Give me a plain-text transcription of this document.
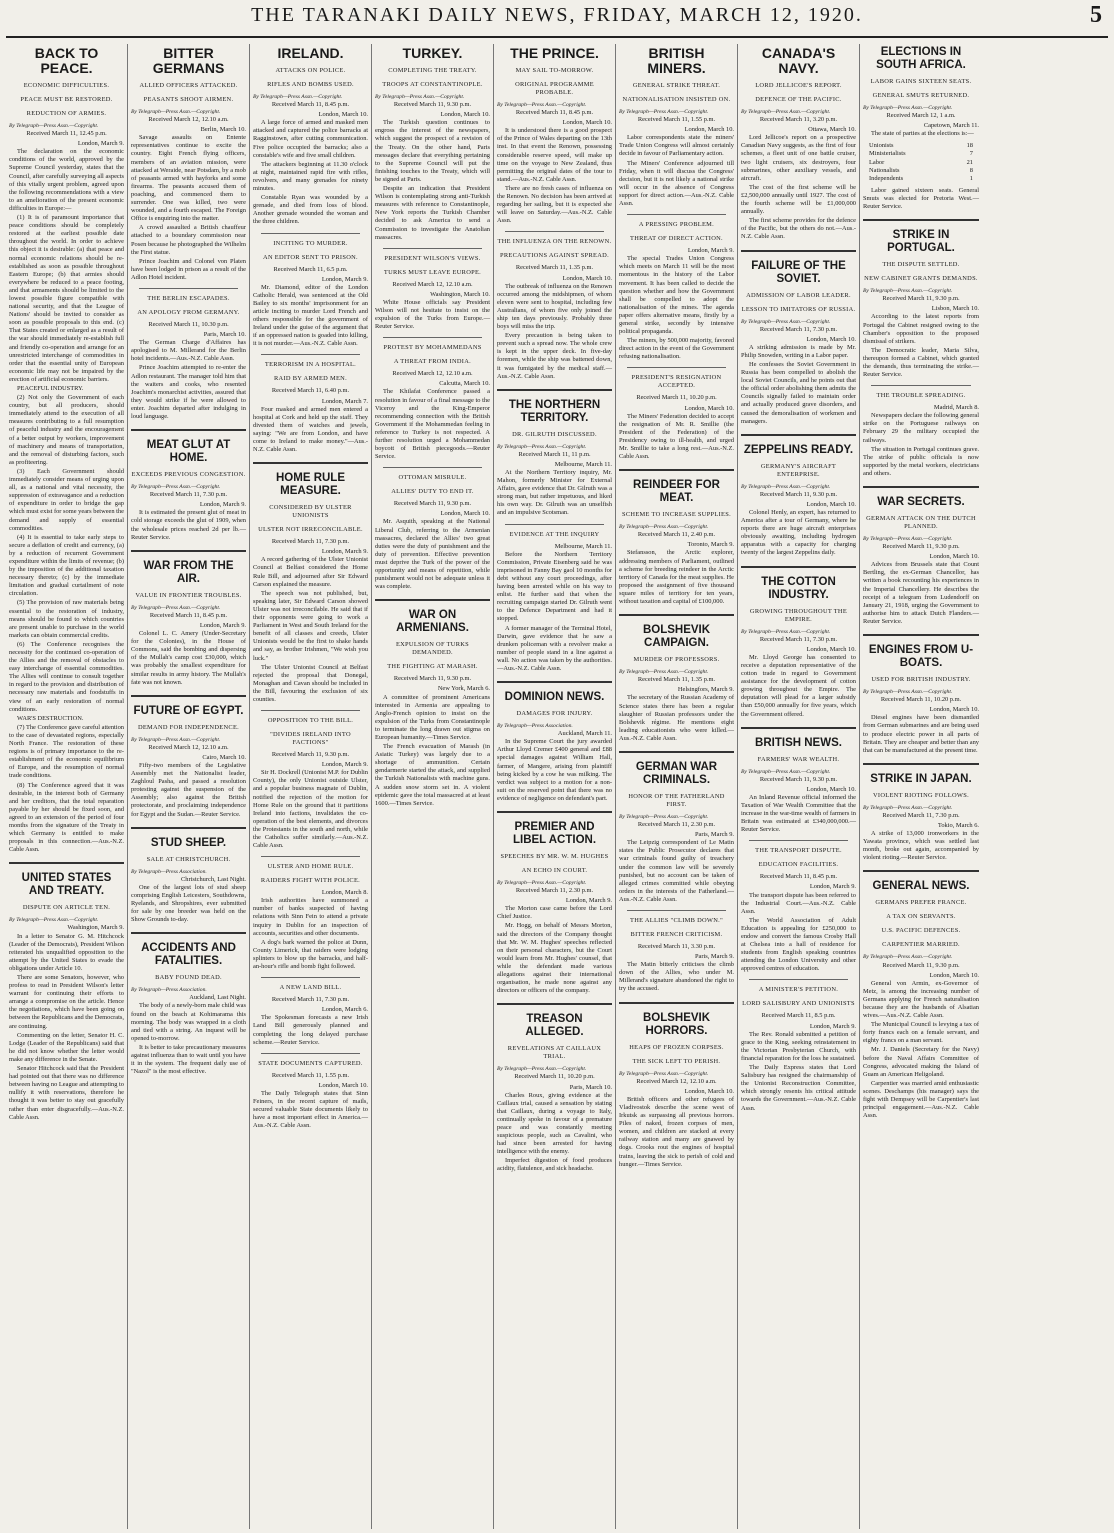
THE TARANAKI DAILY NEWS, FRIDAY, MARCH 12, 1920.	5
BACK TO PEACE.
ECONOMIC DIFFICULTIES.
PEACE MUST BE RESTORED.
REDUCTION OF ARMIES.
By Telegraph—Press Assn.—Copyright.
Received March 11, 12.45 p.m.
London, March 9.

The declaration on the economic conditions of the world, approved by the Supreme Council yesterday, states that the Council, after carefully surveying all aspects of this vitally urgent problem, agreed upon the following recommendations with a view to an amelioration of the present economic difficulties in Europe:—

(1) It is of paramount importance that peace conditions should be completely restored at the earliest possible date throughout the world. In order to achieve this object it is desirable: (a) that peace and normal economic relations should be re-established as soon as possible throughout Eastern Europe; (b) that armies should everywhere be reduced to a peace footing, and that armaments should be limited to the lowest possible figure compatible with national security, and that the League of Nations' should be invited to consider as soon as possible proposals to this end. (c) That States created or enlarged as a result of the war should immediately re-establish full and friendly co-operation and arrange for an unrestricted interchange of commodities in order that the essential unity of European economic life may not be impaired by the erection of artificial economic barriers.

PEACEFUL INDUSTRY.

(2) Not only the Government of each country, but all producers, should immediately attend to the execution of all measures contributing to a full resumption of peaceful industry and the encouragement of a better output by workers, improvement of machinery and means of transportation, and the removal of disturbing factors, such as profiteering.

(3) Each Government should immediately consider means of urging upon all, as a national and vital necessity, the suppression of extravagance and a reduction of expenditure in order to bridge the gap which must exist for some years between the demand and supply of essential commodities.

(4) It is essential to take early steps to secure a deflation of credit and currency, (a) by a reduction of recurrent Government expenditure within the limits of revenue; (b) by the imposition of the additional taxation necessary thereto; (c) by the immediate limitation and gradual curtailment of note circulation.

(5) The provision of raw materials being essential to the restoration of industry, means should be found to which countries are present unable to purchase in the world markets can obtain commercial credits.

(6) The Conference recognises the necessity for the continued co-operation of the Allies and the removal of obstacles to easy interchange of essential commodities. The Allies will continue to consult together in regard to the provision and distribution of necessary raw materials and foodstuffs in view of an early restoration of normal conditions.

WAR'S DESTRUCTION.

(7) The Conference gave careful attention to the case of devastated regions, especially North France. The restoration of these regions is of primary importance to the re-establishment of the economic equilibrium of Europe, and the resumption of normal trade conditions.

(8) The Conference agreed that it was desirable, in the interest both of Germany and her creditors, that the total reparation payable by her should be fixed soon, and agreed to an extension of the period of four months from the signature of the Treaty in which Germany is entitled to make proposals in this connection.—Aus.-N.Z. Cable Assn.

UNITED STATES AND TREATY.
DISPUTE ON ARTICLE TEN.
By Telegraph—Press Assn.—Copyright.
Washington, March 9.

In a letter to Senator G. M. Hitchcock (Leader of the Democrats), President Wilson reiterated his unqualified opposition to the attempt by the United States to evade the obligations under Article 10.

There are some Senators, however, who profess to read in President Wilson's letter warrant for continuing their efforts to arrange a compromise on the article. Hence the negotiations, which have been going on between the Republicans and the Democrats, are continuing.

Commenting on the letter, Senator H. C. Lodge (Leader of the Republicans) said that he did not know whether the letter would make any difference in the Senate.

Senator Hitchcock said that the President had pointed out that there was no difference between having no League and attempting to nullify it with reservations, therefore he thought it was better to stay out gracefully rather than enter disgracefully.—Aus.-N.Z. Cable Assn.

BITTER GERMANS
ALLIED OFFICERS ATTACKED.
PEASANTS SHOOT AIRMEN.
By Telegraph—Press Assn.—Copyright.
Received March 12, 12.10 a.m.
Berlin, March 10.

Savage assaults on Entente representatives continue to excite the country. Eight French flying officers, members of an aviation mission, were attacked at Weraide, near Potsdam, by a mob of peasants armed with hayforks and some firearms. The peasants accused them of poaching, and commenced them to surrender. One was killed, two were wounded, and a fourth escaped. The Foreign Office is enquiring into the matter.

A crowd assaulted a British chauffeur attached to a boundary commission near Posen because he photographed the Wilhelm the First statue.

Prince Joachim and Colonel von Platen have been lodged in prison as a result of the Adlon Hotel incident.

THE BERLIN ESCAPADES.
AN APOLOGY FROM GERMANY.
Received March 11, 10.30 p.m.
Paris, March 10.

The German Charge d'Affaires has apologised to M. Millerand for the Berlin hotel incidents.—Aus.-N.Z. Cable Assn.

Prince Joachim attempted to re-enter the Adlon restaurant. The manager told him that the waiters and cooks, who resented Joachim's monarchist activities, assured that they would strike if he were allowed to enter. Joachim departed after indulging in loud language.

MEAT GLUT AT HOME.
EXCEEDS PREVIOUS CONGESTION.
By Telegraph—Press Assn.—Copyright.
Received March 11, 7.30 p.m.
London, March 9.

It is estimated the present glut of meat in cold storage exceeds the glut of 1909, when the wholesale prices reached 2d per lb.—Reuter Service.

WAR FROM THE AIR.
VALUE IN FRONTIER TROUBLES.
By Telegraph—Press Assn.—Copyright.
Received March 11, 8.45 p.m.
London, March 9.

Colonel L. C. Amery (Under-Secretary for the Colonies), in the House of Commons, said the bombing and dispersing of the Mullah's camp cost £30,000, which was probably the smallest expenditure for similar results in army history. The Mullah's fate was not known.

FUTURE OF EGYPT.
DEMAND FOR INDEPENDENCE.
By Telegraph—Press Assn.—Copyright.
Received March 12, 12.10 a.m.
Cairo, March 10.

Fifty-two members of the Legislative Assembly met the Nationalist leader, Zaghloul Pasha, and passed a resolution protesting against the suspension of the Assembly; also against the British protectorate, and proclaiming independence for Egypt and the Sudan.—Reuter Service.

STUD SHEEP.
SALE AT CHRISTCHURCH.
By Telegraph—Press Association.
Christchurch, Last Night.

One of the largest lots of stud sheep comprising English Leicesters, Southdowns, Ryelands, and Shropshires, ever submitted for sale by one breeder was held on the Show Grounds to-day.

ACCIDENTS AND FATALITIES.
BABY FOUND DEAD.
By Telegraph—Press Association.
Auckland, Last Night.

The body of a newly-born male child was found on the beach at Kohimarama this morning. The body was wrapped in a cloth and tied with a string. An inquest will be opened to-morrow.

It is better to take precautionary measures against influenza than to wait until you have it in the system. The frequent daily use of "Nazol" is the most effective.

IRELAND.
ATTACKS ON POLICE.
RIFLES AND BOMBS USED.
By Telegraph—Press Assn.—Copyright.
Received March 11, 8.45 p.m.
London, March 10.

A large force of armed and masked men attacked and captured the police barracks at Ragginstown, after cutting communication. Five police occupied the barracks; also a constable's wife and five small children.

The attackers beginning at 11.30 o'clock at night, maintained rapid fire with rifles, revolvers, and many grenades for ninety minutes.

Constable Ryan was wounded by a grenade, and died from loss of blood. Another grenade wounded the woman and the three children.

INCITING TO MURDER.
AN EDITOR SENT TO PRISON.
Received March 11, 6.5 p.m.
London, March 9.

Mr. Diamond, editor of the London Catholic Herald, was sentenced at the Old Bailey to six months' imprisonment for an article inciting to murder Lord French and others responsible for the government of Ireland under the guise of the argument that if an oppressed nation is goaded into killing, it is not murder.—Aus.-N.Z. Cable Assn.

TERRORISM IN A HOSPITAL.
RAID BY ARMED MEN.
Received March 11, 6.40 p.m.
London, March 7.

Four masked and armed men entered a hospital at Cork and held up the staff. They divested them of watches and jewels, saying: "We are from London, and have come to Ireland to make money."—Aus.-N.Z. Cable Assn.

HOME RULE MEASURE.
CONSIDERED BY ULSTER UNIONISTS
ULSTER NOT IRRECONCILABLE.
Received March 11, 7.30 p.m.
London, March 9.

A record gathering of the Ulster Unionist Council at Belfast considered the Home Rule Bill, and adjourned after Sir Edward Carson explained the measure.

The speech was not published, but, speaking later, Sir Edward Carson showed Ulster was not irreconcilable. He said that if their opponents were going to work a Parliament in West and South Ireland for the benefit of all classes and creeds, Ulster Unionists would be the first to shake hands and say, as brother Irishmen, "We wish you luck."

The Ulster Unionist Council at Belfast rejected the proposal that Donegal, Monaghan and Cavan should be included in the Bill, favouring the exclusion of six counties.

OPPOSITION TO THE BILL.
"DIVIDES IRELAND INTO FACTIONS"
Received March 11, 9.30 p.m.
London, March 9.

Sir H. Dockrell (Unionist M.P. for Dublin County), the only Unionist outside Ulster, and a popular business magnate of Dublin, notified the rejection of the motion for Home Rule on the ground that it partitions Ireland into factions, invalidates the co-operation of the best elements, and divorces the Protestants in the south and north, while the Catholics suffer similarly.—Aus.-N.Z. Cable Assn.

ULSTER AND HOME RULE.
RAIDERS FIGHT WITH POLICE.
London, March 8.

Irish authorities have summoned a number of banks suspected of having relations with Sinn Fein to attend a private inquiry in Dublin for an inspection of accounts, securities and other documents.

A dog's bark warned the police at Dunn, County Limerick, that raiders were lodging splinters to blow up the barracks, and half-an-hour's rifle and bomb fight followed.

A NEW LAND BILL.
Received March 11, 7.30 p.m.
London, March 6.

The Spokesman forecasts a new Irish Land Bill generously planned and completing the long delayed purchase scheme.—Reuter Service.

STATE DOCUMENTS CAPTURED.
Received March 11, 1.55 p.m.
London, March 10.

The Daily Telegraph states that Sinn Feiners, in the recent capture of mails, secured valuable State documents likely to have a most important effect in America.—Aus.-N.Z. Cable Assn.

TURKEY.
COMPLETING THE TREATY.
TROOPS AT CONSTANTINOPLE.
By Telegraph—Press Assn.—Copyright.
Received March 11, 9.30 p.m.
London, March 10.

The Turkish question continues to engross the interest of the newspapers, which suggest the prospect of a revision of the Treaty. On the other hand, Paris messages declare that everything pertaining to the Supreme Council will put the finishing touches to the Treaty, which will be signed at Paris.

Despite an indication that President Wilson is contemplating strong anti-Turkish measures with reference to Constantinople, New York reports the Turkish Chamber decided to ask America to send a Commission to investigate the Anatolian massacres.

PRESIDENT WILSON'S VIEWS.
TURKS MUST LEAVE EUROPE.
Received March 12, 12.10 a.m.
Washington, March 10.

White House officials say President Wilson will not hesitate to insist on the expulsion of the Turks from Europe.—Reuter Service.

PROTEST BY MOHAMMEDANS
A THREAT FROM INDIA.
Received March 12, 12.10 a.m.
Calcutta, March 10.

The Khilafat Conference passed a resolution in favour of a final message to the Viceroy and the King-Emperor recommending connection with the British Government if the Mohammedan feeling in reference to Turkey is not respected. A further resolution urged a Mohammedan boycott of British piecegoods.—Reuter Service.

OTTOMAN MISRULE.
ALLIES' DUTY TO END IT.
Received March 11, 9.30 p.m.
London, March 10.

Mr. Asquith, speaking at the National Liberal Club, referring to the Armenian massacres, declared the Allies' two great duties were the duty of punishment and the duty of prevention. Effective prevention must deprive the Turk of the power of the opportunity and means of repetition, while punishment would not be adequate unless it was complete.

WAR ON ARMENIANS.
EXPULSION OF TURKS DEMANDED.
THE FIGHTING AT MARASH.
Received March 11, 9.30 p.m.
New York, March 6.

A committee of prominent Americans interested in Armenia are appealing to Anglo-French opinion to insist on the expulsion of the Turks from Constantinople to terminate the long drawn out stigma on European humanity.—Times Service.

The French evacuation of Marash (in Asiatic Turkey) was largely due to a shortage of ammunition. Certain gendarmerie started the attack, and supplied the Turkish Nationalists with machine guns. A sudden snow storm set in. A violent epidemic gave the total massacred at at least 1600.—Times Service.

THE PRINCE.
MAY SAIL TO-MORROW.
ORIGINAL PROGRAMME PROBABLE.
By Telegraph—Press Assn.—Copyright.
Received March 11, 8.45 p.m.
London, March 10.

It is understood there is a good prospect of the Prince of Wales departing on the 13th inst. In that event the Renown, possessing considerable reserve speed, will make up time on the voyage to New Zealand, thus permitting the original dates of the tour to stand.—Aus.-N.Z. Cable Assn.

There are no fresh cases of influenza on the Renown. No decision has been arrived at regarding her sailing, but it is expected she will leave on Saturday.—Aus.-N.Z. Cable Assn.

THE INFLUENZA ON THE RENOWN.
PRECAUTIONS AGAINST SPREAD.
Received March 11, 1.35 p.m.
London, March 10.

The outbreak of influenza on the Renown occurred among the midshipmen, of whom eleven were sent to hospital, including few Australians, of whom five only joined the ship ten days previously. Probably three boys will miss the trip.

Every precaution is being taken to prevent such a spread now. The whole crew is kept in the upper deck. In five-day foremen, while the ship was battened down, it was fumigated by the medical staff.—Aus.-N.Z. Cable Assn.

THE NORTHERN TERRITORY.
DR. GILRUTH DISCUSSED.
By Telegraph—Press Assn.—Copyright.
Received March 11, 11 p.m.
Melbourne, March 11.

At the Northern Territory inquiry, Mr. Mahon, formerly Minister for External Affairs, gave evidence that Dr. Gilruth was a strong man, but rather impetuous, and liked his own way. Dr. Gilruth was an unselfish and an impulsive Scotsman.

EVIDENCE AT THE INQUIRY
Melbourne, March 11.

Before the Northern Territory Commission, Private Eisenberg said he was imprisoned in Fanny Bay gaol 10 months for debt without any court proceedings, after having been arrested while on his way to enlist. He further said that when the recruiting campaign started Dr. Gilruth went to the Defence Department and had it stopped.

A former manager of the Terminal Hotel, Darwin, gave evidence that he saw a drunken policeman with a revolver make a number of people stand in a line against a wall. No action was taken by the authorities.—Aus.-N.Z. Cable Assn.

DOMINION NEWS.
DAMAGES FOR INJURY.
By Telegraph—Press Association.
Auckland, March 11.

In the Supreme Court the jury awarded Arthur Lloyd Cremer £400 general and £88 special damages against William Hall, farmer, of Mangere, arising from plaintiff being kicked by a cow he was milking. The verdict was subject to a motion for a non-suit on the reserved point that there was no evidence of negligence on defendant's part.

PREMIER AND LIBEL ACTION.
SPEECHES BY MR. W. M. HUGHES
AN ECHO IN COURT.
By Telegraph—Press Assn.—Copyright.
Received March 11, 2.30 p.m.
London, March 9.

The Morton case came before the Lord Chief Justice.

Mr. Hogg, on behalf of Messrs Morton, said the directors of the Company thought that Mr. W. M. Hughes' speeches reflected on their personal characters, but the Court would learn from Mr. Hughes' counsel, that while the defendant made various allegations against their international organisation, he made none against any directors or officers of the company.

TREASON ALLEGED.
REVELATIONS AT CAILLAUX TRIAL.
By Telegraph—Press Assn.—Copyright.
Received March 11, 10.20 p.m.
Paris, March 10.

Charles Roux, giving evidence at the Caillaux trial, caused a sensation by stating that Caillaux, during a voyage to Italy, continually spoke in favour of a premature peace and was constantly meeting suspicious people, such as Cavalini, who had since been arrested for having intelligence with the enemy.

Imperfect digestion of food produces acidity, flatulence, and sick headache.

BRITISH MINERS.
GENERAL STRIKE THREAT.
NATIONALISATION INSISTED ON.
By Telegraph—Press Assn.—Copyright.
Received March 11, 1.55 p.m.
London, March 10.

Labor correspondents state the miners' Trade Union Congress will almost certainly decide in favour of Parliamentary action.

The Miners' Conference adjourned till Friday, when it will discuss the Congress' decision, but it is not likely a national strike will occur in the absence of Congress support for direct action.—Aus.-N.Z. Cable Assn.

A PRESSING PROBLEM.
THREAT OF DIRECT ACTION.
London, March 9.

The special Trades Union Congress which meets on March 11 will be the most momentous in the history of the Labor movement. It has been called to decide the question whether and how the Government shall be compelled to adopt the nationalisation of the mines. The agenda paper offers alternative means, firstly by a general strike, secondly by intensive political propaganda.

The miners, by 500,000 majority, favored direct action in the event of the Government refusing nationalisation.

PRESIDENT'S RESIGNATION ACCEPTED.
Received March 11, 10.20 p.m.
London, March 10.

The Miners' Federation decided to accept the resignation of Mr. R. Smillie (the President of the Federation) of the Presidency owing to ill-health, and urged Mr. Smillie to take a long rest.—Aus.-N.Z. Cable Assn.

REINDEER FOR MEAT.
SCHEME TO INCREASE SUPPLIES.
By Telegraph—Press Assn.—Copyright.
Received March 11, 2.40 p.m.
Toronto, March 9.

Stefansson, the Arctic explorer, addressing members of Parliament, outlined a scheme for breeding reindeer in the Arctic territory of Canada for the meat supplies. He proposed the assignment of five thousand square miles of territory for ten years, without taxation and capital of £100,000.

BOLSHEVIK CAMPAIGN.
MURDER OF PROFESSORS.
By Telegraph—Press Assn.—Copyright.
Received March 11, 1.35 p.m.
Helsingfors, March 9.

The secretary of the Russian Academy of Science states there has been a regular slaughter of Russian professors under the Bolshevik régime. He mentions eight leading educationists who were killed.—Aus.-N.Z. Cable Assn.

GERMAN WAR CRIMINALS.
HONOR OF THE FATHERLAND FIRST.
By Telegraph—Press Assn.—Copyright.
Received March 11, 2.30 p.m.
Paris, March 9.

The Leipzig correspondent of Le Matin states the Public Prosecutor declares that war criminals found guilty of treachery under the common law will be severely punished, but no account can be taken of alleged crimes committed while obeying orders in the interests of the Fatherland.—Aus.-N.Z. Cable Assn.

THE ALLIES "CLIMB DOWN."
BITTER FRENCH CRITICISM.
Received March 11, 3.30 p.m.
Paris, March 9.

The Matin bitterly criticises the climb down of the Allies, who under M. Millerand's signature abandoned the right to try the accused.

BOLSHEVIK HORRORS.
HEAPS OF FROZEN CORPSES.
THE SICK LEFT TO PERISH.
By Telegraph—Press Assn.—Copyright.
Received March 12, 12.10 a.m.
London, March 10.

British officers and other refugees of Vladivostok describe the scene west of Irkutsk as surpassing all previous horrors. Piles of naked, frozen corpses of men, women, and children are stacked at every railway station and many are gnawed by dogs. Crooks rout the engines of hospital trains, leaving the sick to perish of cold and hunger.—Times Service.

CANADA'S NAVY.
LORD JELLICOE'S REPORT.
DEFENCE OF THE PACIFIC.
By Telegraph—Press Assn.—Copyright.
Received March 11, 3.20 p.m.
Ottawa, March 10.

Lord Jellicoe's report on a prospective Canadian Navy suggests, as the first of four schemes, a fleet unit of one battle cruiser, two light cruisers, six destroyers, four submarines, other auxiliary vessels, and aircraft.

The cost of the first scheme will be £2,500,000 annually until 1927. The cost of the fourth scheme will be £1,000,000 annually.

The first scheme provides for the defence of the Pacific, but the others do not.—Aus.-N.Z. Cable Assn.

FAILURE OF THE SOVIET.
ADMISSION OF LABOR LEADER.
LESSON TO IMITATORS OF RUSSIA.
By Telegraph—Press Assn.—Copyright.
Received March 11, 7.30 p.m.
London, March 10.

A striking admission is made by Mr. Philip Snowden, writing in a Labor paper.

He confesses the Soviet Government in Russia has been compelled to abolish the local Soviet Councils, and he points out that the official order abolishing them admits the Councils signally failed to maintain order and actually produced grave disorders, and caused the demoralisation of workmen and managers.

ZEPPELINS READY.
GERMANY'S AIRCRAFT ENTERPRISE.
By Telegraph—Press Assn.—Copyright.
Received March 11, 9.30 p.m.
London, March 10.

Colonel Henly, an expert, has returned to America after a tour of Germany, where he reports there are huge aircraft enterprises obviously awaiting, including hydrogen apparatus with a capacity for charging twenty of the largest Zeppelins daily.

THE COTTON INDUSTRY.
GROWING THROUGHOUT THE EMPIRE.
By Telegraph—Press Assn.—Copyright.
Received March 11, 7.30 p.m.
London, March 10.

Mr. Lloyd George has consented to receive a deputation representative of the cotton trade in regard to Government assistance for the development of cotton growing throughout the Empire. The deputation will plead for a larger subsidy than £50,000 annually for five years, which the Government offered.

BRITISH NEWS.
FARMERS' WAR WEALTH.
By Telegraph—Press Assn.—Copyright.
Received March 11, 9.30 p.m.
London, March 10.

An Inland Revenue official informed the Taxation of War Wealth Committee that the increase in the war-time wealth of farmers in Britain was estimated at £340,000,000.—Reuter Service.

THE TRANSPORT DISPUTE.
EDUCATION FACILITIES.
Received March 11, 8.45 p.m.
London, March 9.

The transport dispute has been referred to the Industrial Court.—Aus.-N.Z. Cable Assn.

The World Association of Adult Education is appealing for £250,000 to endow and convert the famous Crosby Hall at Chelsea into a hall of residence for students from English speaking countries attending the London University and other approved centres of education.

A MINISTER'S PETITION.
LORD SALISBURY AND UNIONISTS
Received March 11, 8.5 p.m.
London, March 9.

The Rev. Ronald submitted a petition of grace to the King, seeking reinstatement in the Victorian Presbyterian Church, with financial reparation for the loss he sustained.

The Daily Express states that Lord Salisbury has resigned the chairmanship of the Unionist Reconstruction Committee, which strongly resents his critical attitude towards the Government.—Aus.-N.Z. Cable Assn.

ELECTIONS IN SOUTH AFRICA.
LABOR GAINS SIXTEEN SEATS.
GENERAL SMUTS RETURNED.
By Telegraph—Press Assn.—Copyright.
Received March 12, 1 a.m.
Capetown, March 11.

The state of parties at the elections is:—

Unionists	18
Ministerialists	7
Labor	21
Nationalists	8
Independents	1

Labor gained sixteen seats. General Smuts was elected for Pretoria West.—Reuter Service.

STRIKE IN PORTUGAL.
THE DISPUTE SETTLED.
NEW CABINET GRANTS DEMANDS.
By Telegraph—Press Assn.—Copyright.
Received March 11, 9.30 p.m.
Lisbon, March 10.

According to the latest reports from Portugal the Cabinet resigned owing to the Chamber's opposition to the proposed dismissal of strikers.

The Democratic leader, Maria Silva, thereupon formed a Cabinet, which granted the demands, thus terminating the strike.—Reuter Service.

THE TROUBLE SPREADING.
Madrid, March 8.

Newspapers declare the following general strike on the Portuguese railways on February 29 the military occupied the railways.

The situation in Portugal continues grave. The strike of public officials is now supported by the metal workers, electricians and others.

WAR SECRETS.
GERMAN ATTACK ON THE DUTCH PLANNED.
By Telegraph—Press Assn.—Copyright.
Received March 11, 9.30 p.m.
London, March 10.

Advices from Brussels state that Count Bertling, the ex-German Chancellor, has written a book recounting his experiences in the Imperial Chancellery. He describes the receipt of a telegram from Ludendorff on January 21, 1918, urging the Government to authorise him to attack Dutch Flanders.—Reuter Service.

ENGINES FROM U-BOATS.
USED FOR BRITISH INDUSTRY.
By Telegraph—Press Assn.—Copyright.
Received March 11, 10.20 p.m.
London, March 10.

Diesel engines have been dismantled from German submarines and are being used to produce electric power in all parts of Britain. They are cheaper and better than any that can be manufactured at the present time.

STRIKE IN JAPAN.
VIOLENT RIOTING FOLLOWS.
By Telegraph—Press Assn.—Copyright.
Received March 11, 7.30 p.m.
Tokio, March 6.

A strike of 13,000 ironworkers in the Yawata province, which was settled last month, broke out again, accompanied by violent rioting.—Reuter Service.

GENERAL NEWS.
GERMANS PREFER FRANCE.
A TAX ON SERVANTS.
U.S. PACIFIC DEFENCES.
CARPENTIER MARRIED.
By Telegraph—Press Assn.—Copyright.
Received March 11, 9.30 p.m.
London, March 10.

General von Armin, ex-Governor of Metz, is among the increasing number of Germans applying for French naturalisation because they are the husbands of Alsatian wives.—Aus.-N.Z. Cable Assn.

The Municipal Council is levying a tax of forty francs each on a female servant, and eighty francs on a man servant.

Mr. J. Daniels (Secretary for the Navy) before the Naval Affairs Committee of Congress, advocated making the Island of Guam an American Heligoland.

Carpentier was married amid enthusiastic scenes. Deschamps (his manager) says the fight with Dempsey will be Carpentier's last principal engagement.—Aus.-N.Z. Cable Assn.
